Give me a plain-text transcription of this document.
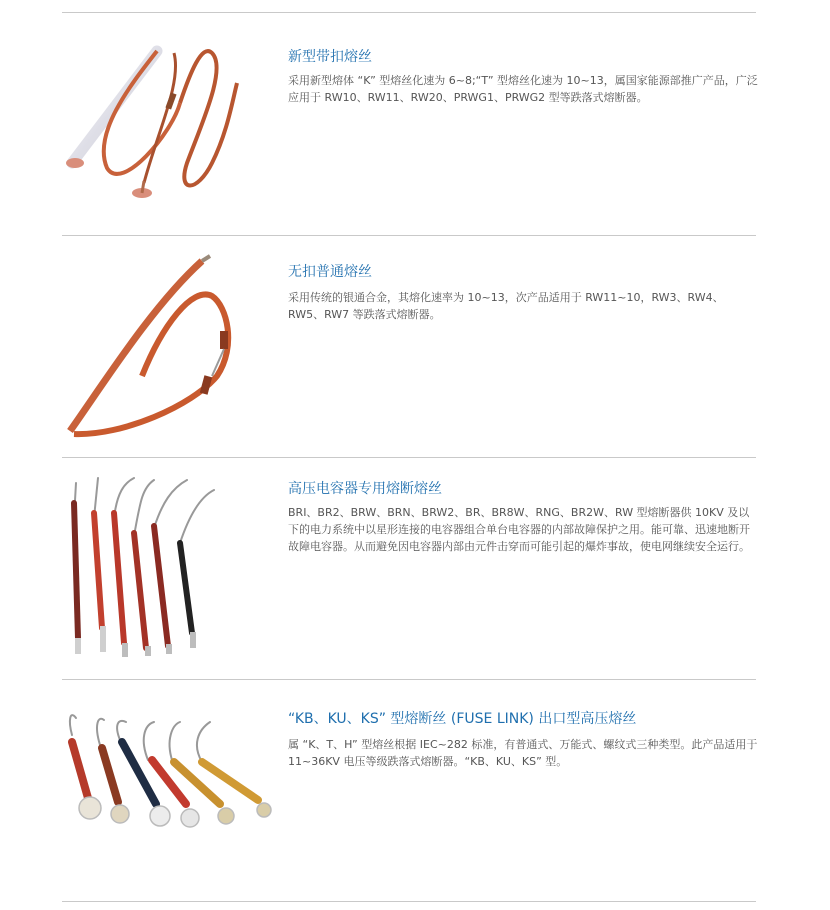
新型带扣熔丝

采用新型熔体 “K” 型熔丝化速为 6~8;“T” 型熔丝化速为 10~13，属国家能源部推广产品，广泛应用于 RW10、RW11、RW20、PRWG1、PRWG2 型等跌落式熔断器。

无扣普通熔丝

采用传统的银通合金，其熔化速率为 10~13，次产品适用于 RW11~10，RW3、RW4、RW5、RW7 等跌落式熔断器。

高压电容器专用熔断熔丝

BRI、BR2、BRW、BRN、BRW2、BR、BR8W、RNG、BR2W、RW 型熔断器供 10KV 及以下的电力系统中以星形连接的电容器组合单台电容器的内部故障保护之用。能可靠、迅速地断开故障电容器。从而避免因电容器内部由元件击穿而可能引起的爆炸事故，使电网继续安全运行。

“KB、KU、KS” 型熔断丝 (FUSE LINK) 出口型高压熔丝

属 “K、T、H” 型熔丝根据 IEC~282 标准，有普通式、万能式、螺纹式三种类型。此产品适用于 11~36KV 电压等级跌落式熔断器。“KB、KU、KS” 型。
